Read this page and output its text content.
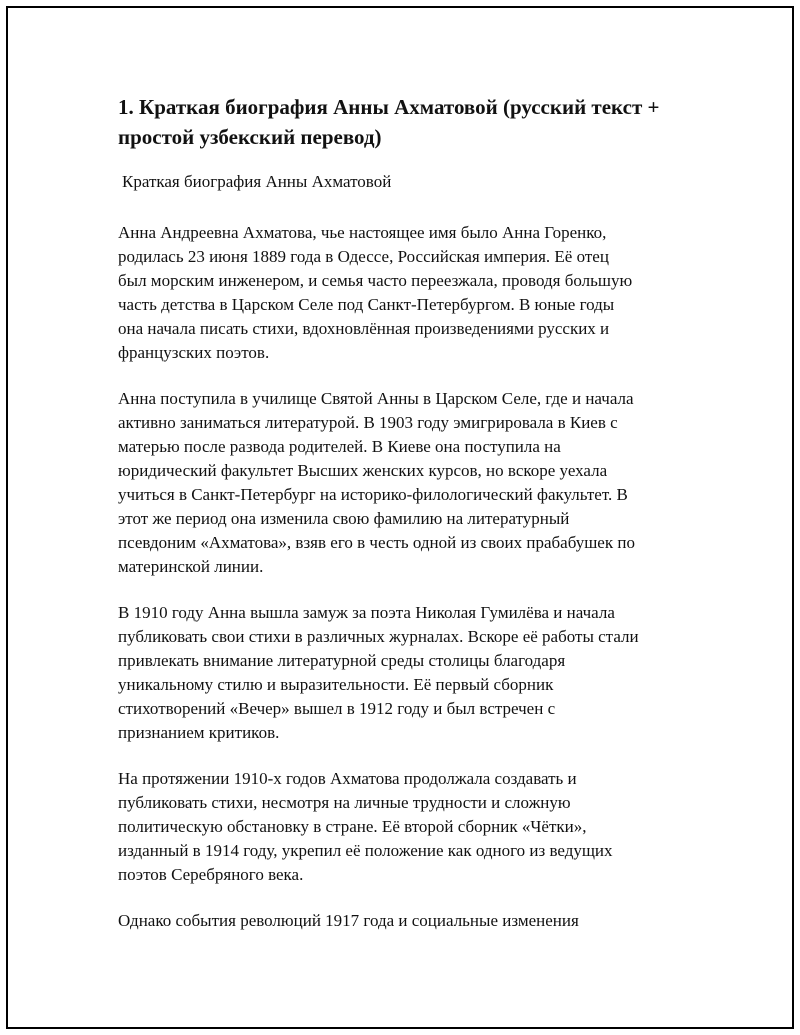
1. Краткая биография Анны Ахматовой (русский текст +
простой узбекский перевод)

Краткая биография Анны Ахматовой

Анна Андреевна Ахматова, чье настоящее имя было Анна Горенко,
родилась 23 июня 1889 года в Одессе, Российская империя. Её отец
был морским инженером, и семья часто переезжала, проводя большую
часть детства в Царском Селе под Санкт-Петербургом. В юные годы
она начала писать стихи, вдохновлённая произведениями русских и
французских поэтов.

Анна поступила в училище Святой Анны в Царском Селе, где и начала
активно заниматься литературой. В 1903 году эмигрировала в Киев с
матерью после развода родителей. В Киеве она поступила на
юридический факультет Высших женских курсов, но вскоре уехала
учиться в Санкт-Петербург на историко-филологический факультет. В
этот же период она изменила свою фамилию на литературный
псевдоним «Ахматова», взяв его в честь одной из своих прабабушек по
материнской линии.

В 1910 году Анна вышла замуж за поэта Николая Гумилёва и начала
публиковать свои стихи в различных журналах. Вскоре её работы стали
привлекать внимание литературной среды столицы благодаря
уникальному стилю и выразительности. Её первый сборник
стихотворений «Вечер» вышел в 1912 году и был встречен с
признанием критиков.

На протяжении 1910-х годов Ахматова продолжала создавать и
публиковать стихи, несмотря на личные трудности и сложную
политическую обстановку в стране. Её второй сборник «Чётки»,
изданный в 1914 году, укрепил её положение как одного из ведущих
поэтов Серебряного века.

Однако события революций 1917 года и социальные изменения
